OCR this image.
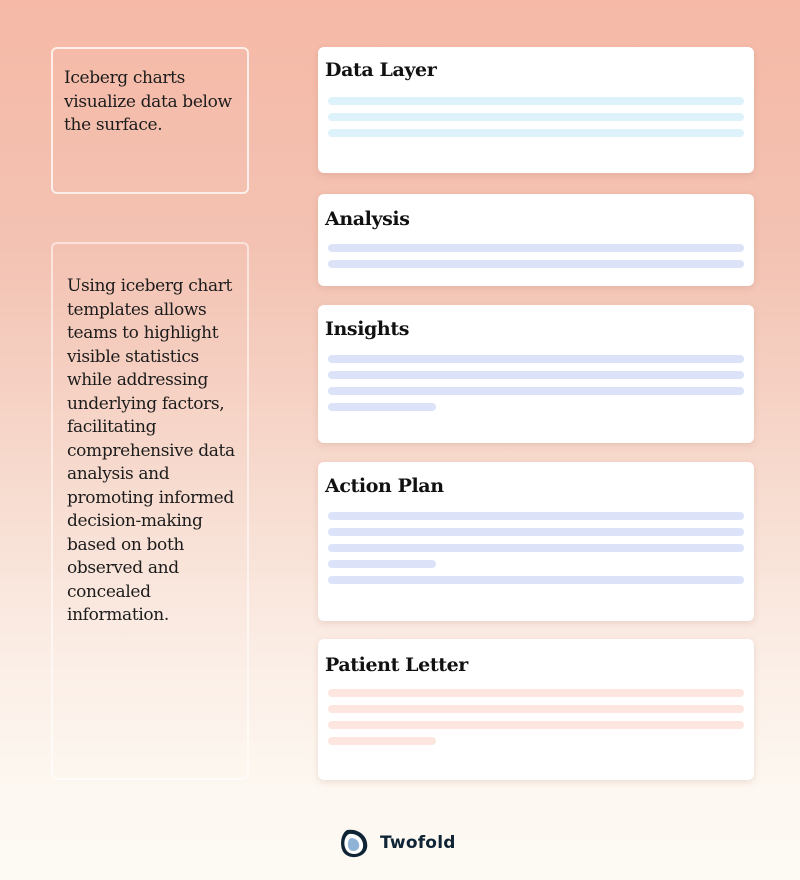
Iceberg charts visualize data below the surface.
Using iceberg chart templates allows teams to highlight visible statistics while addressing underlying factors, facilitating comprehensive data analysis and promoting informed decision-making based on both observed and concealed information.
Data Layer
Analysis
Insights
Action Plan
Patient Letter
Twofold
